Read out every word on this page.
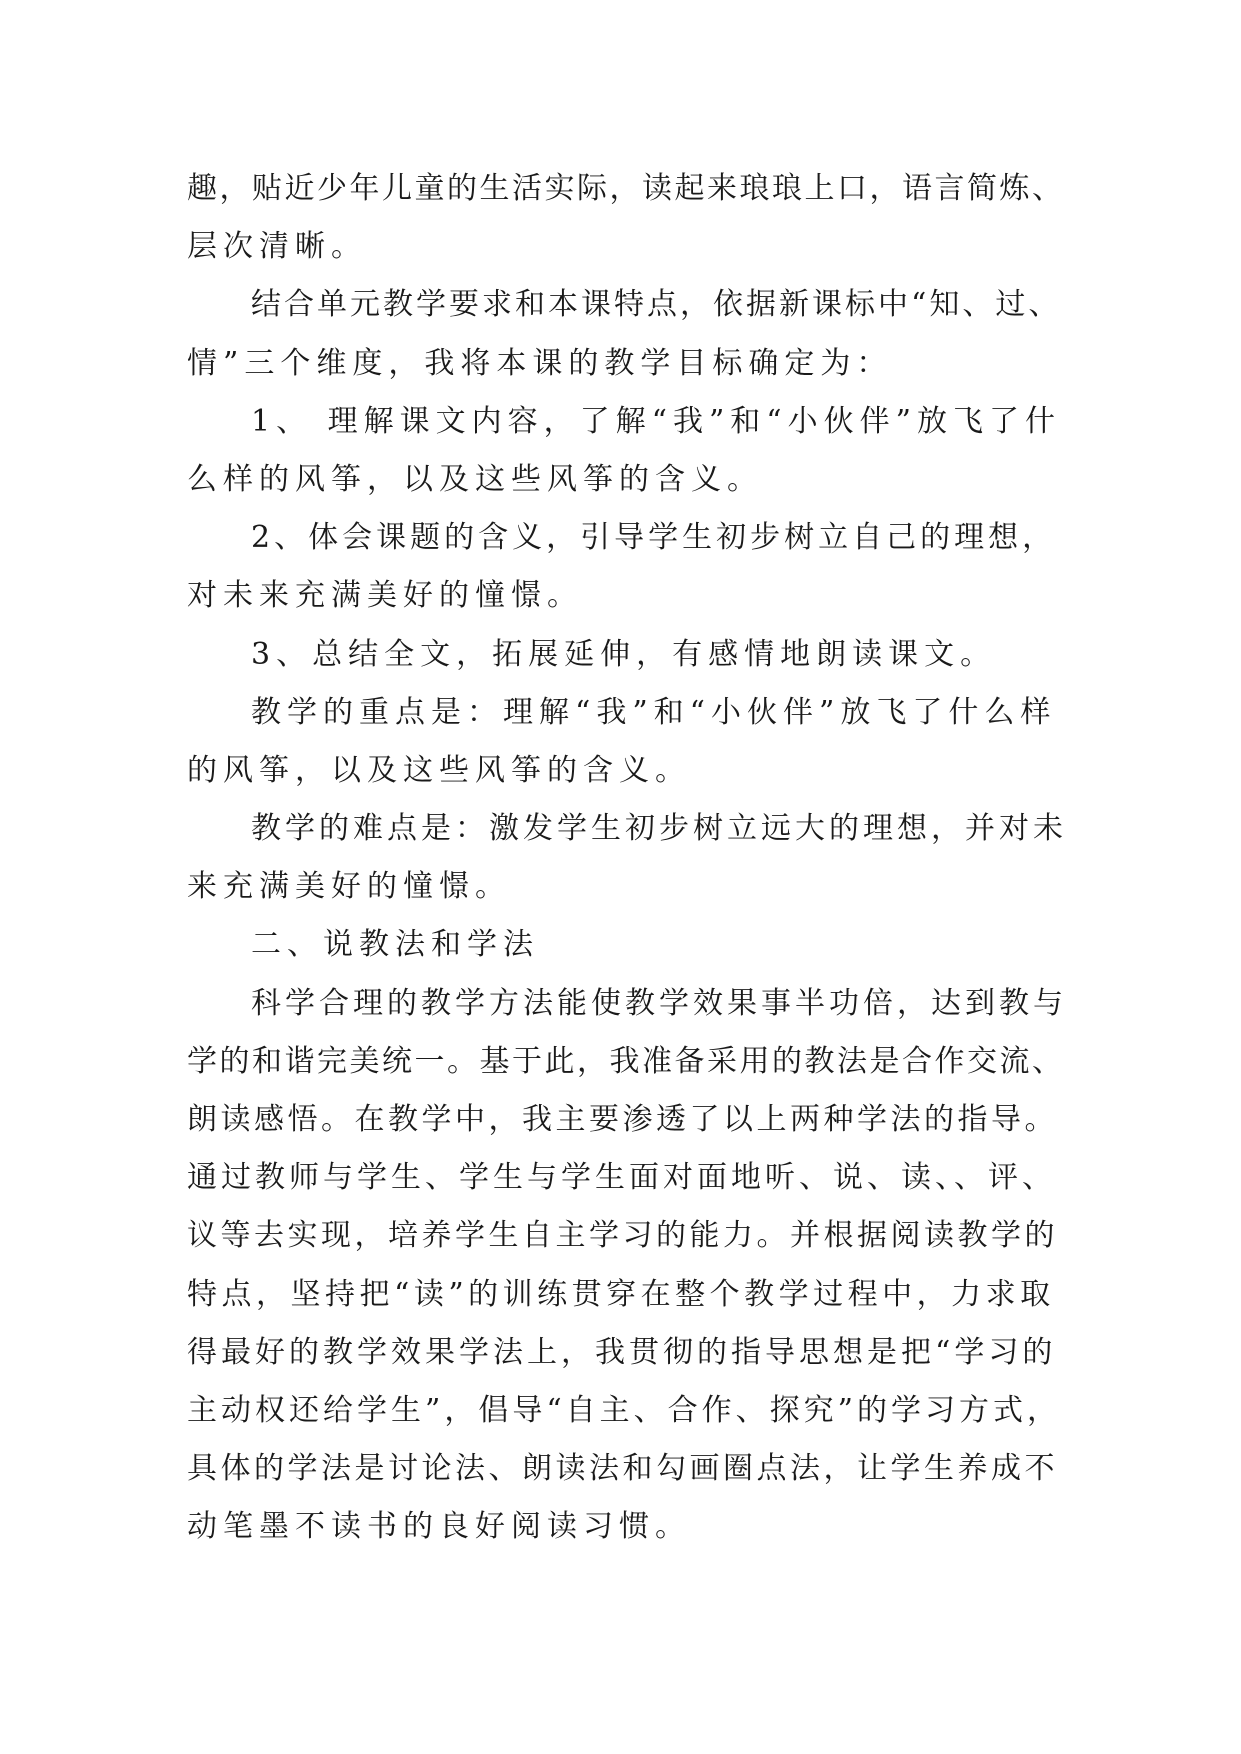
趣，贴近少年儿童的生活实际，读起来琅琅上口，语言简炼、
层次清晰。
结合单元教学要求和本课特点，依据新课标中“知、过、
情”三个维度，我将本课的教学目标确定为：
1、 理解课文内容，了解“我”和“小伙伴”放飞了什
么样的风筝，以及这些风筝的含义。
2、体会课题的含义，引导学生初步树立自己的理想，
对未来充满美好的憧憬。
3、总结全文，拓展延伸，有感情地朗读课文。
教学的重点是：理解“我”和“小伙伴”放飞了什么样
的风筝，以及这些风筝的含义。
教学的难点是：激发学生初步树立远大的理想，并对未
来充满美好的憧憬。
二、说教法和学法
科学合理的教学方法能使教学效果事半功倍，达到教与
学的和谐完美统一。基于此，我准备采用的教法是合作交流、
朗读感悟。在教学中，我主要渗透了以上两种学法的指导。
通过教师与学生、学生与学生面对面地听、说、读、、评、
议等去实现，培养学生自主学习的能力。并根据阅读教学的
特点，坚持把“读”的训练贯穿在整个教学过程中，力求取
得最好的教学效果学法上，我贯彻的指导思想是把“学习的
主动权还给学生”，倡导“自主、合作、探究”的学习方式，
具体的学法是讨论法、朗读法和勾画圈点法，让学生养成不
动笔墨不读书的良好阅读习惯。
